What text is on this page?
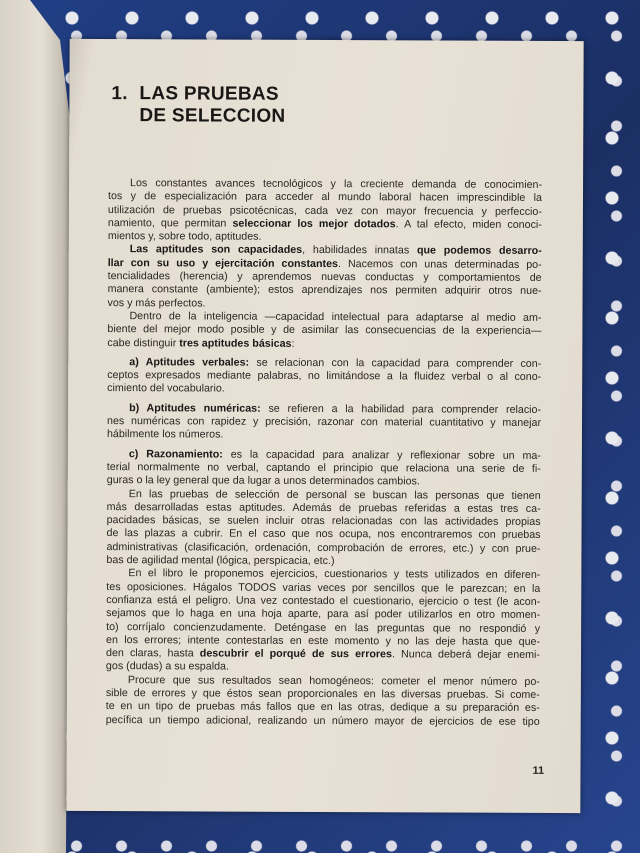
1. LAS PRUEBAS
DE SELECCION
Los constantes avances tecnológicos y la creciente demanda de conocimien-
tos y de especialización para acceder al mundo laboral hacen imprescindible la
utilización de pruebas psicotécnicas, cada vez con mayor frecuencia y perfeccio-
namiento, que permitan seleccionar los mejor dotados. A tal efecto, miden conoci-
mientos y, sobre todo, aptitudes.
Las aptitudes son capacidades, habilidades innatas que podemos desarro-
llar con su uso y ejercitación constantes. Nacemos con unas determinadas po-
tencialidades (herencia) y aprendemos nuevas conductas y comportamientos de
manera constante (ambiente); estos aprendizajes nos permiten adquirir otros nue-
vos y más perfectos.
Dentro de la inteligencia —capacidad intelectual para adaptarse al medio am-
biente del mejor modo posible y de asimilar las consecuencias de la experiencia—
cabe distinguir tres aptitudes básicas:
a) Aptitudes verbales: se relacionan con la capacidad para comprender con-
ceptos expresados mediante palabras, no limitándose a la fluidez verbal o al cono-
cimiento del vocabulario.
b) Aptitudes numéricas: se refieren a la habilidad para comprender relacio-
nes numéricas con rapidez y precisión, razonar con material cuantitativo y manejar
hábilmente los números.
c) Razonamiento: es la capacidad para analizar y reflexionar sobre un ma-
terial normalmente no verbal, captando el principio que relaciona una serie de fi-
guras o la ley general que da lugar a unos determinados cambios.
En las pruebas de selección de personal se buscan las personas que tienen
más desarrolladas estas aptitudes. Además de pruebas referidas a estas tres ca-
pacidades básicas, se suelen incluir otras relacionadas con las actividades propias
de las plazas a cubrir. En el caso que nos ocupa, nos encontraremos con pruebas
administrativas (clasificación, ordenación, comprobación de errores, etc.) y con prue-
bas de agilidad mental (lógica, perspicacia, etc.)
En el libro le proponemos ejercicios, cuestionarios y tests utilizados en diferen-
tes oposiciones. Hágalos TODOS varias veces por sencillos que le parezcan; en la
confianza está el peligro. Una vez contestado el cuestionario, ejercicio o test (le acon-
sejamos que lo haga en una hoja aparte, para así poder utilizarlos en otro momen-
to) corríjalo concienzudamente. Deténgase en las preguntas que no respondió y
en los errores; intente contestarlas en este momento y no las deje hasta que que-
den claras, hasta descubrir el porqué de sus errores. Nunca deberá dejar enemi-
gos (dudas) a su espalda.
Procure que sus resultados sean homogéneos: cometer el menor número po-
sible de errores y que éstos sean proporcionales en las diversas pruebas. Si come-
te en un tipo de pruebas más fallos que en las otras, dedique a su preparación es-
pecífica un tiempo adicional, realizando un número mayor de ejercicios de ese tipo
11
